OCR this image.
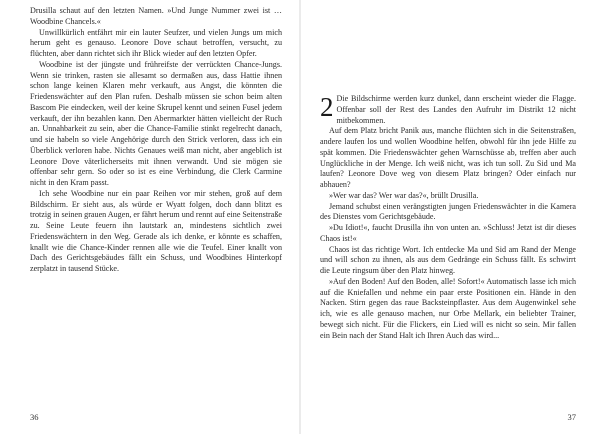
Drusilla schaut auf den letzten Namen. »Und Junge Nummer zwei ist … Woodbine Chancels.«

Unwillkürlich entfährt mir ein lauter Seufzer, und vielen Jungs um mich herum geht es genauso. Leonore Dove schaut betroffen, versucht, zu flüchten, aber dann richtet sich ihr Blick wieder auf den letzten Opfer.

Woodbine ist der jüngste und frühreifste der verrückten Chance-Jungs. Wenn sie trinken, rasten sie allesamt so dermaßen aus, dass Hattie ihnen schon lange keinen Klaren mehr verkauft, aus Angst, die könnten die Friedenswächter auf den Plan rufen. Deshalb müssen sie schon beim alten Bascom Pie eindecken, weil der keine Skrupel kennt und seinen Fusel jedem verkauft, der ihn bezahlen kann. Den Abermarkter hätten vielleicht der Ruch an. Unnahbarkeit zu sein, aber die Chance-Familie stinkt regelrecht danach, und sie habeln so viele Angehörige durch den Strick verloren, dass ich ein Überblick verloren habe. Nichts Genaues weiß man nicht, aber angeblich ist Leonore Dove väterlicherseits mit ihnen verwandt. Und sie mögen sie offenbar sehr gern. So oder so ist es eine Verbindung, die Clerk Carmine nicht in den Kram passt.

Ich sehe Woodbine nur ein paar Reihen vor mir stehen, groß auf dem Bildschirm. Er sieht aus, als würde er Wyatt folgen, doch dann blitzt es trotzig in seinen grauen Augen, er fährt herum und rennt auf eine Seitenstraße zu. Seine Leute feuern ihn lautstark an, mindestens sichtlich zwei Friedenswächtern in den Weg. Gerade als ich denke, er könnte es schaffen, knallt wie die Chance-Kinder rennen alle wie die Teufel. Einer knallt von Dach des Gerichtsgebäudes fällt ein Schuss, und Woodbines Hinterkopf zerplatzt in tausend Stücke.

36
2 Die Bildschirme werden kurz dunkel, dann erscheint wieder die Flagge. Offenbar soll der Rest des Landes den Aufruhr im Distrikt 12 nicht mitbekommen.

Auf dem Platz bricht Panik aus, manche flüchten sich in die Seitenstraßen, andere laufen los und wollen Woodbine helfen, obwohl für ihn jede Hilfe zu spät kommen. Die Friedenswächter gehen Warnschüsse ab, treffen aber auch Unglückliche in der Menge. Ich weiß nicht, was ich tun soll. Zu Sid und Ma laufen? Leonore Dove weg von diesem Platz bringen? Oder einfach nur abhauen?

»Wer war das? Wer war das?«, brüllt Drusilla.

Jemand schubst einen verängstigten jungen Friedenswächter in die Kamera des Dienstes vom Gerichtsgebäude.

»Du Idiot!«, faucht Drusilla ihn von unten an. »Schluss! Jetzt ist dir dieses Chaos ist!«

Chaos ist das richtige Wort. Ich entdecke Ma und Sid am Rand der Menge und will schon zu ihnen, als aus dem Gedränge ein Schuss fällt. Es schwirrt die Leute ringsum über den Platz hinweg.

»Auf den Boden! Auf den Boden, alle! Sofort!« Automatisch lasse ich mich auf die Kniefallen und nehme ein paar erste Positionen ein. Hände in den Nacken. Stirn gegen das raue Backsteinpflaster. Aus dem Augenwinkel sehe ich, wie es alle genauso machen, nur Orbe Mellark, ein beliebter Trainer, bewegt sich nicht. Für die Flickers, ein Lied will es nicht so sein. Mir fallen ein Bein nach der Stand Halt ich Ihren Auch das wird...

37
